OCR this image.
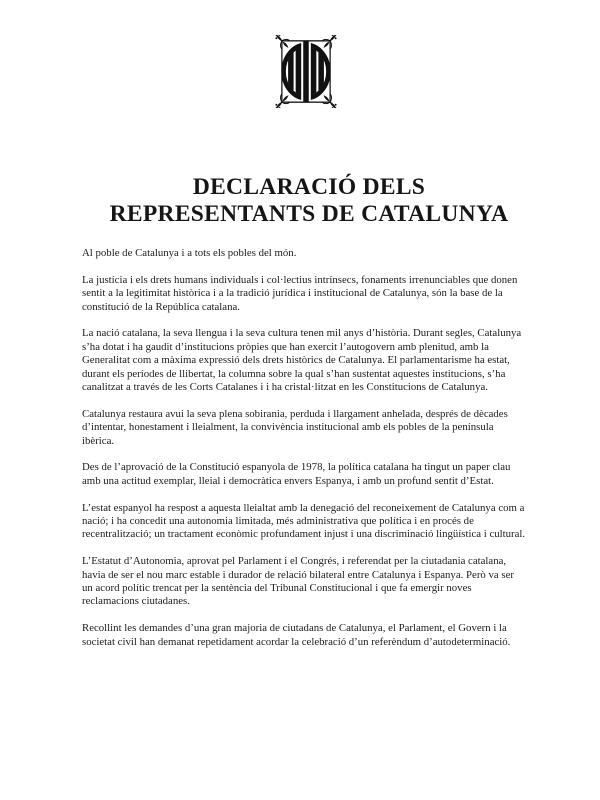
DECLARACIÓ DELS
REPRESENTANTS DE CATALUNYA

Al poble de Catalunya i a tots els pobles del món.

La justícia i els drets humans individuals i col·lectius intrínsecs, fonaments irrenunciables que donen sentit a la legitimitat històrica i a la tradició jurídica i institucional de Catalunya, són la base de la constitució de la República catalana.

La nació catalana, la seva llengua i la seva cultura tenen mil anys d’història. Durant segles, Catalunya s’ha dotat i ha gaudit d’institucions pròpies que han exercit l’autogovern amb plenitud, amb la Generalitat com a màxima expressió dels drets històrics de Catalunya. El parlamentarisme ha estat, durant els períodes de llibertat, la columna sobre la qual s’han sustentat aquestes institucions, s’ha canalitzat a través de les Corts Catalanes i i ha cristal·litzat en les Constitucions de Catalunya.

Catalunya restaura avui la seva plena sobirania, perduda i llargament anhelada, després de dècades d’intentar, honestament i lleialment, la convivència institucional amb els pobles de la península ibèrica.

Des de l’aprovació de la Constitució espanyola de 1978, la política catalana ha tingut un paper clau amb una actitud exemplar, lleial i democràtica envers Espanya, i amb un profund sentit d’Estat.

L’estat espanyol ha respost a aquesta lleialtat amb la denegació del reconeixement de Catalunya com a nació; i ha concedit una autonomia limitada, més administrativa que política i en procés de recentralització; un tractament econòmic profundament injust i una discriminació lingüística i cultural.

L’Estatut d’Autonomia, aprovat pel Parlament i el Congrés, i referendat per la ciutadania catalana, havia de ser el nou marc estable i durador de relació bilateral entre Catalunya i Espanya. Però va ser un acord polític trencat per la sentència del Tribunal Constitucional i que fa emergir noves reclamacions ciutadanes.

Recollint les demandes d’una gran majoria de ciutadans de Catalunya, el Parlament, el Govern i la societat civil han demanat repetidament acordar la celebració d’un referèndum d’autodeterminació.
